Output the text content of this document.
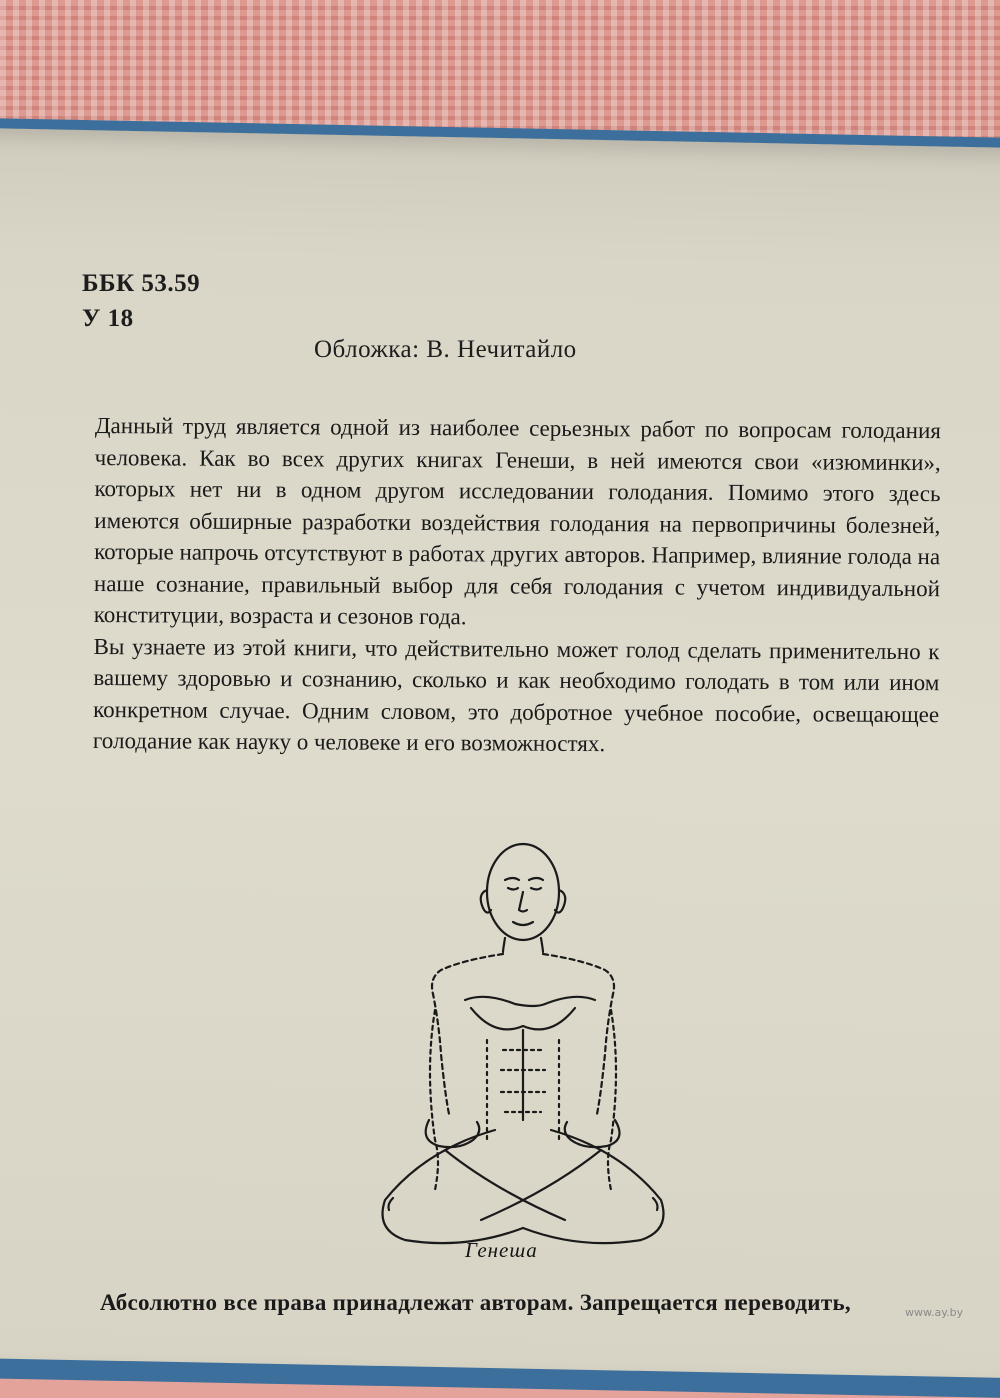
ББК 53.59
У 18
Обложка: В. Нечитайло

Данный труд является одной из наиболее серьезных работ по вопросам голодания человека. Как во всех других книгах Генеши, в ней имеются свои «изюминки», которых нет ни в одном другом исследовании голодания. Помимо этого здесь имеются обширные разработки воздействия голодания на первопричины болезней, которые напрочь отсутствуют в работах других авторов. Например, влияние голода на наше сознание, правильный выбор для себя голодания с учетом индивидуальной конституции, возраста и сезонов года.

Вы узнаете из этой книги, что действительно может голод сделать применительно к вашему здоровью и сознанию, сколько и как необходимо голодать в том или ином конкретном случае. Одним словом, это добротное учебное пособие, освещающее голодание как науку о человеке и его возможностях.

Генеша
Абсолютно все права принадлежат авторам. Запрещается переводить,	www.ay.by
